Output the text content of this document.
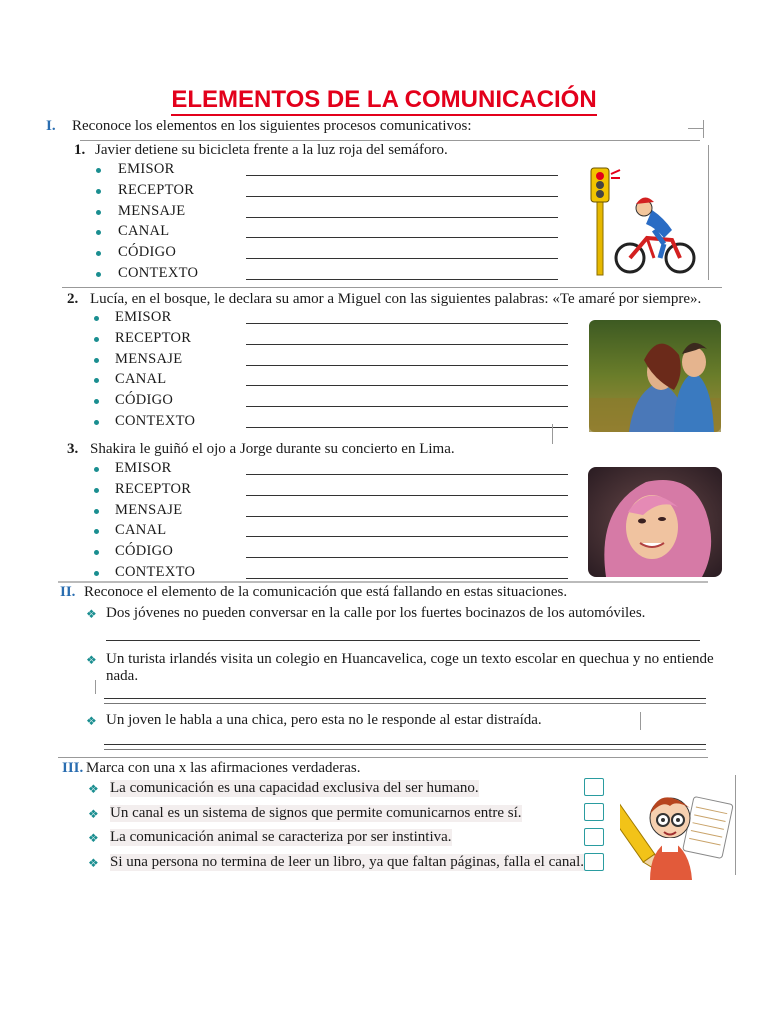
ELEMENTOS DE LA COMUNICACIÓN
I. Reconoce los elementos en los siguientes procesos comunicativos:
1. Javier detiene su bicicleta frente a la luz roja del semáforo.
EMISOR
RECEPTOR
MENSAJE
CANAL
CÓDIGO
CONTEXTO
2. Lucía, en el bosque, le declara su amor a Miguel con las siguientes palabras: «Te amaré por siempre».
EMISOR
RECEPTOR
MENSAJE
CANAL
CÓDIGO
CONTEXTO
3. Shakira le guiñó el ojo a Jorge durante su concierto en Lima.
EMISOR
RECEPTOR
MENSAJE
CANAL
CÓDIGO
CONTEXTO
II. Reconoce el elemento de la comunicación que está fallando en estas situaciones.
❖ Dos jóvenes no pueden conversar en la calle por los fuertes bocinazos de los automóviles.
❖ Un turista irlandés visita un colegio en Huancavelica, coge un texto escolar en quechua y no entiende
nada.
❖ Un joven le habla a una chica, pero esta no le responde al estar distraída.
III. Marca con una x las afirmaciones verdaderas.
❖ La comunicación es una capacidad exclusiva del ser humano.
❖ Un canal es un sistema de signos que permite comunicarnos entre sí.
❖ La comunicación animal se caracteriza por ser instintiva.
❖ Si una persona no termina de leer un libro, ya que faltan páginas, falla el canal.
